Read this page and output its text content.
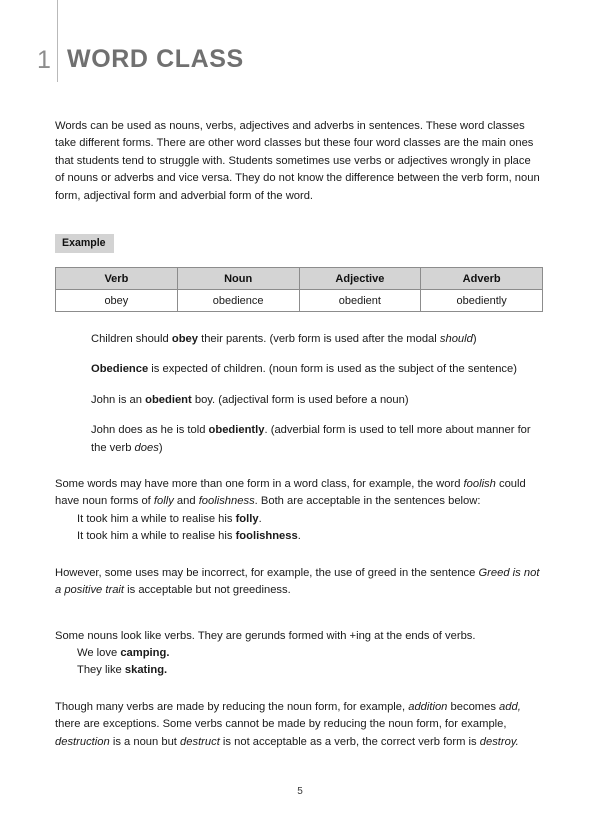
1 WORD CLASS

Words can be used as nouns, verbs, adjectives and adverbs in sentences. These word classes take different forms. There are other word classes but these four word classes are the main ones that students tend to struggle with. Students sometimes use verbs or adjectives wrongly in place of nouns or adverbs and vice versa. They do not know the difference between the verb form, noun form, adjectival form and adverbial form of the word.

Example
Verb	Noun	Adjective	Adverb
obey	obedience	obedient	obediently
Children should obey their parents. (verb form is used after the modal should)
Obedience is expected of children. (noun form is used as the subject of the sentence)
John is an obedient boy. (adjectival form is used before a noun)
John does as he is told obediently. (adverbial form is used to tell more about manner for the verb does)

Some words may have more than one form in a word class, for example, the word foolish could have noun forms of folly and foolishness. Both are acceptable in the sentences below:

It took him a while to realise his folly.
It took him a while to realise his foolishness.

However, some uses may be incorrect, for example, the use of greed in the sentence Greed is not a positive trait is acceptable but not greediness.

Some nouns look like verbs. They are gerunds formed with +ing at the ends of verbs.

We love camping.
They like skating.

Though many verbs are made by reducing the noun form, for example, addition becomes add, there are exceptions. Some verbs cannot be made by reducing the noun form, for example, destruction is a noun but destruct is not acceptable as a verb, the correct verb form is destroy.

5
